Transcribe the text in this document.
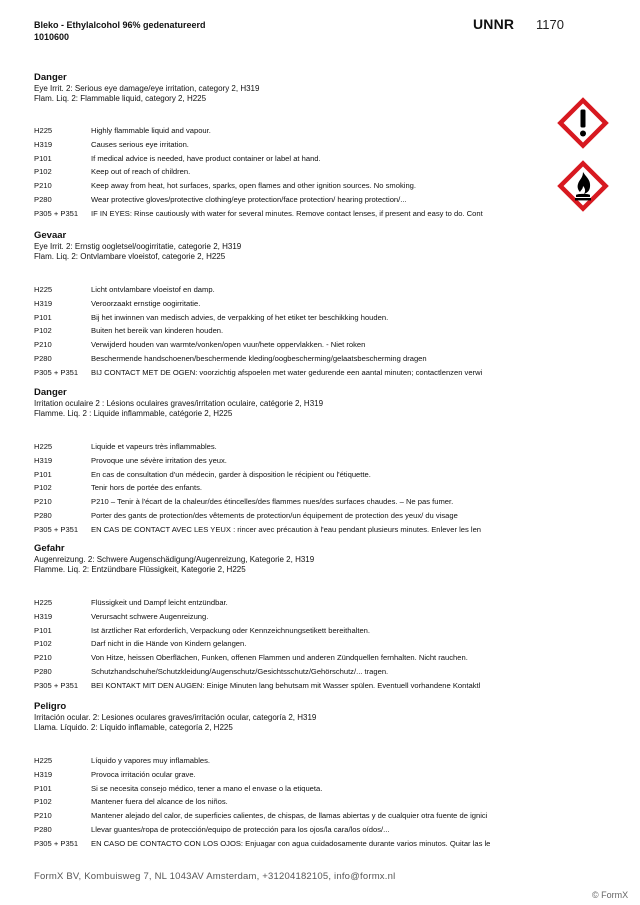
Bleko - Ethylalcohol 96% gedenatureerd
1010600
UNNR 1170

Danger
Eye Irrit. 2: Serious eye damage/eye irritation, category 2, H319
Flam. Liq. 2: Flammable liquid, category 2, H225
H225	Highly flammable liquid and vapour.
H319	Causes serious eye irritation.
P101	If medical advice is needed, have product container or label at hand.
P102	Keep out of reach of children.
P210	Keep away from heat, hot surfaces, sparks, open flames and other ignition sources. No smoking.
P280	Wear protective gloves/protective clothing/eye protection/face protection/ hearing protection/...
P305 + P351	IF IN EYES: Rinse cautiously with water for several minutes. Remove contact lenses, if present and easy to do. Cont
Gevaar
Eye Irrit. 2: Ernstig oogletsel/oogirritatie, categorie 2, H319
Flam. Liq. 2: Ontvlambare vloeistof, categorie 2, H225
H225	Licht ontvlambare vloeistof en damp.
H319	Veroorzaakt ernstige oogirritatie.
P101	Bij het inwinnen van medisch advies, de verpakking of het etiket ter beschikking houden.
P102	Buiten het bereik van kinderen houden.
P210	Verwijderd houden van warmte/vonken/open vuur/hete oppervlakken. - Niet roken
P280	Beschermende handschoenen/beschermende kleding/oogbescherming/gelaatsbescherming dragen
P305 + P351	BIJ CONTACT MET DE OGEN: voorzichtig afspoelen met water gedurende een aantal minuten; contactlenzen verwi
Danger
Irritation oculaire 2 : Lésions oculaires graves/irritation oculaire, catégorie 2, H319
Flamme. Liq. 2 : Liquide inflammable, catégorie 2, H225
H225	Liquide et vapeurs très inflammables.
H319	Provoque une sévère irritation des yeux.
P101	En cas de consultation d'un médecin, garder à disposition le récipient ou l'étiquette.
P102	Tenir hors de portée des enfants.
P210	P210 – Tenir à l'écart de la chaleur/des étincelles/des flammes nues/des surfaces chaudes. – Ne pas fumer.
P280	Porter des gants de protection/des vêtements de protection/un équipement de protection des yeux/ du visage
P305 + P351	EN CAS DE CONTACT AVEC LES YEUX : rincer avec précaution à l'eau pendant plusieurs minutes. Enlever les len
Gefahr
Augenreizung. 2: Schwere Augenschädigung/Augenreizung, Kategorie 2, H319
Flamme. Liq. 2: Entzündbare Flüssigkeit, Kategorie 2, H225
H225	Flüssigkeit und Dampf leicht entzündbar.
H319	Verursacht schwere Augenreizung.
P101	Ist ärztlicher Rat erforderlich, Verpackung oder Kennzeichnungsetikett bereithalten.
P102	Darf nicht in die Hände von Kindern gelangen.
P210	Von Hitze, heissen Oberflächen, Funken, offenen Flammen und anderen Zündquellen fernhalten. Nicht rauchen.
P280	Schutzhandschuhe/Schutzkleidung/Augenschutz/Gesichtsschutz/Gehörschutz/... tragen.
P305 + P351	BEI KONTAKT MIT DEN AUGEN: Einige Minuten lang behutsam mit Wasser spülen. Eventuell vorhandene Kontaktl
Peligro
Irritación ocular. 2: Lesiones oculares graves/irritación ocular, categoría 2, H319
Llama. Líquido. 2: Líquido inflamable, categoría 2, H225
H225	Líquido y vapores muy inflamables.
H319	Provoca irritación ocular grave.
P101	Si se necesita consejo médico, tener a mano el envase o la etiqueta.
P102	Mantener fuera del alcance de los niños.
P210	Mantener alejado del calor, de superficies calientes, de chispas, de llamas abiertas y de cualquier otra fuente de ignici
P280	Llevar guantes/ropa de protección/equipo de protección para los ojos/la cara/los oídos/...
P305 + P351	EN CASO DE CONTACTO CON LOS OJOS: Enjuagar con agua cuidadosamente durante varios minutos. Quitar las le
FormX BV, Kombuisweg 7, NL 1043AV Amsterdam, +31204182105, info@formx.nl
© FormX
